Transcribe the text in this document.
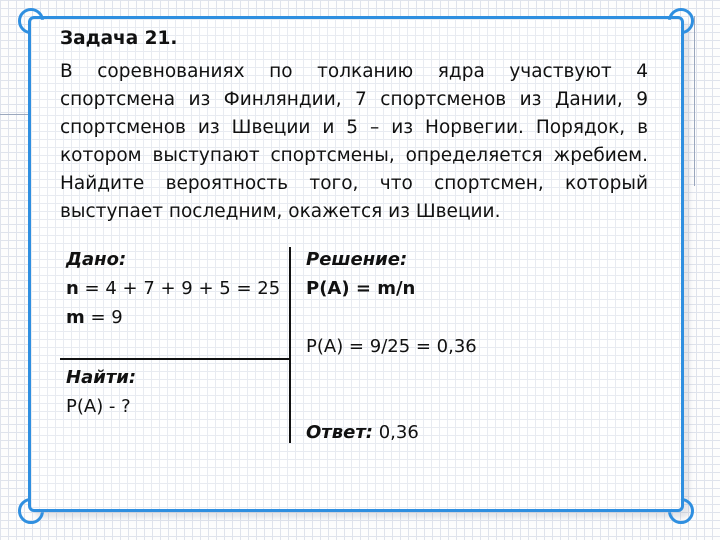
Задача 21.
В соревнованиях по толканию ядра участвуют 4 спортсмена из Финляндии, 7 спортсменов из Дании, 9 спортсменов из Швеции и 5 – из Норвегии. Порядок, в котором выступают спортсмены, определяется жребием. Найдите вероятность того, что спортсмен, который выступает последним, окажется из Швеции.
Дано:
n = 4 + 7 + 9 + 5 = 25
m = 9
Найти:
P(A) - ?
Решение:
P(A) = m/n
P(A) = 9/25 = 0,36
Ответ: 0,36
